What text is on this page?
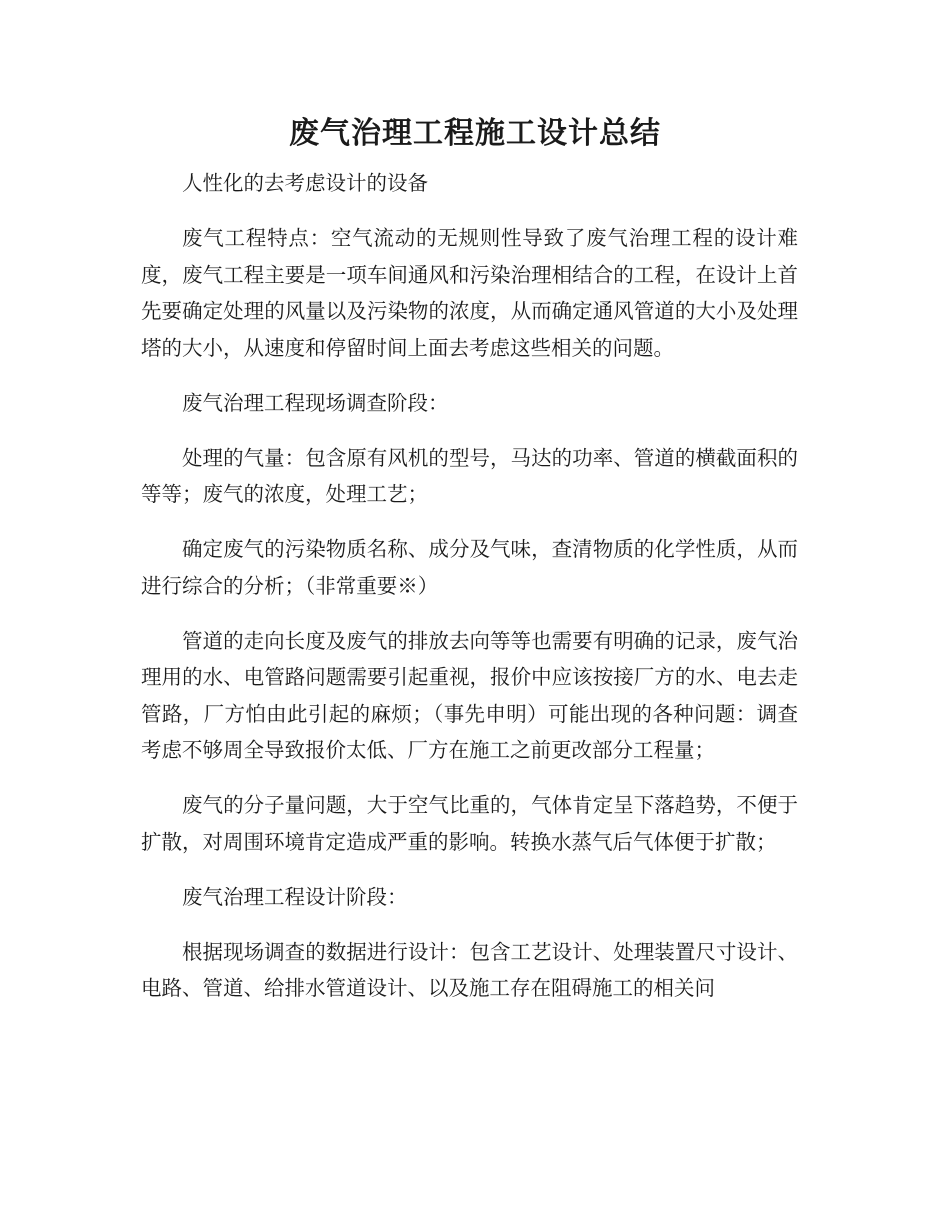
废气治理工程施工设计总结

人性化的去考虑设计的设备

废气工程特点：空气流动的无规则性导致了废气治理工程的设计难度，废气工程主要是一项车间通风和污染治理相结合的工程，在设计上首先要确定处理的风量以及污染物的浓度，从而确定通风管道的大小及处理塔的大小，从速度和停留时间上面去考虑这些相关的问题。

废气治理工程现场调查阶段：

处理的气量：包含原有风机的型号，马达的功率、管道的横截面积的等等；废气的浓度，处理工艺；

确定废气的污染物质名称、成分及气味，查清物质的化学性质，从而进行综合的分析；（非常重要※）

管道的走向长度及废气的排放去向等等也需要有明确的记录，废气治理用的水、电管路问题需要引起重视，报价中应该按接厂方的水、电去走管路，厂方怕由此引起的麻烦；（事先申明）可能出现的各种问题：调查考虑不够周全导致报价太低、厂方在施工之前更改部分工程量；

废气的分子量问题，大于空气比重的，气体肯定呈下落趋势，不便于扩散，对周围环境肯定造成严重的影响。转换水蒸气后气体便于扩散；

废气治理工程设计阶段：

根据现场调查的数据进行设计：包含工艺设计、处理装置尺寸设计、电路、管道、给排水管道设计、以及施工存在阻碍施工的相关问
